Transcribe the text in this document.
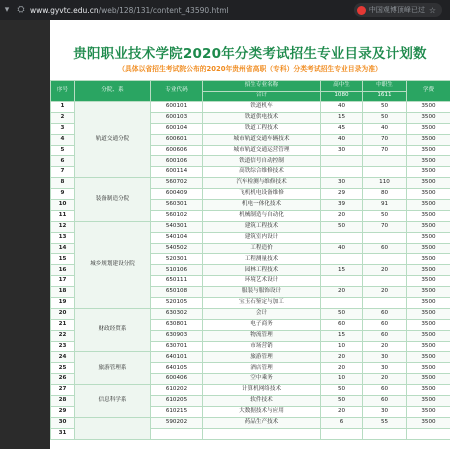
▾ ⛭ www.gyvtc.edu.cn /web/128/131/content_43590.html	中国观博顶峰已过 ☆
贵阳职业技术学院2020年分类考试招生专业目录及计划数
（具体以省招生考试院公布的2020年贵州省高职（专科）分类考试招生专业目录为准）
序号	分院、系	专业代码	招生专业名称	高中生	中职生	学费
			合计	1080	1611	
1	轨道交通分院	600101	铁道机车	40	50	3500
2		600103	铁道供电技术	15	50	3500
3		600104	铁道工程技术	45	40	3500
4		600601	城市轨道交通车辆技术	40	70	3500
5		600606	城市轨道交通运营管理	30	70	3500
6		600106	铁道信号自动控制			3500
7		600114	高铁综合维修技术			3500
8	装备制造分院	560702	汽车检测与维修技术	30	110	3500
9		600409	飞机机电设备维修	29	80	3500
10		560301	机电一体化技术	39	91	3500
11		560102	机械制造与自动化	20	50	3500
12	城乡规划建设分院	540301	建筑工程技术	50	70	3500
13		540104	建筑室内设计			3500
14		540502	工程造价	40	60	3500
15		520301	工程测量技术			3500
16		510106	园林工程技术	15	20	3500
17		650111	环境艺术设计			3500
18		650108	服装与服饰设计	20	20	3500
19		520105	宝玉石鉴定与加工			3500
20	财政经贸系	630302	会计	50	60	3500
21		630801	电子商务	60	60	3500
22		630903	物流管理	15	60	3500
23		630701	市场营销	10	20	3500
24	旅游管理系	640101	旅游管理	20	30	3500
25		640105	酒店管理	20	30	3500
26		600406	空中乘务	10	20	3500
27	信息科学系	610202	计算机网络技术	50	60	3500
28		610205	软件技术	50	60	3500
29		610215	大数据技术与应用	20	30	3500
30		590202	药品生产技术	6	55	3500
31						
